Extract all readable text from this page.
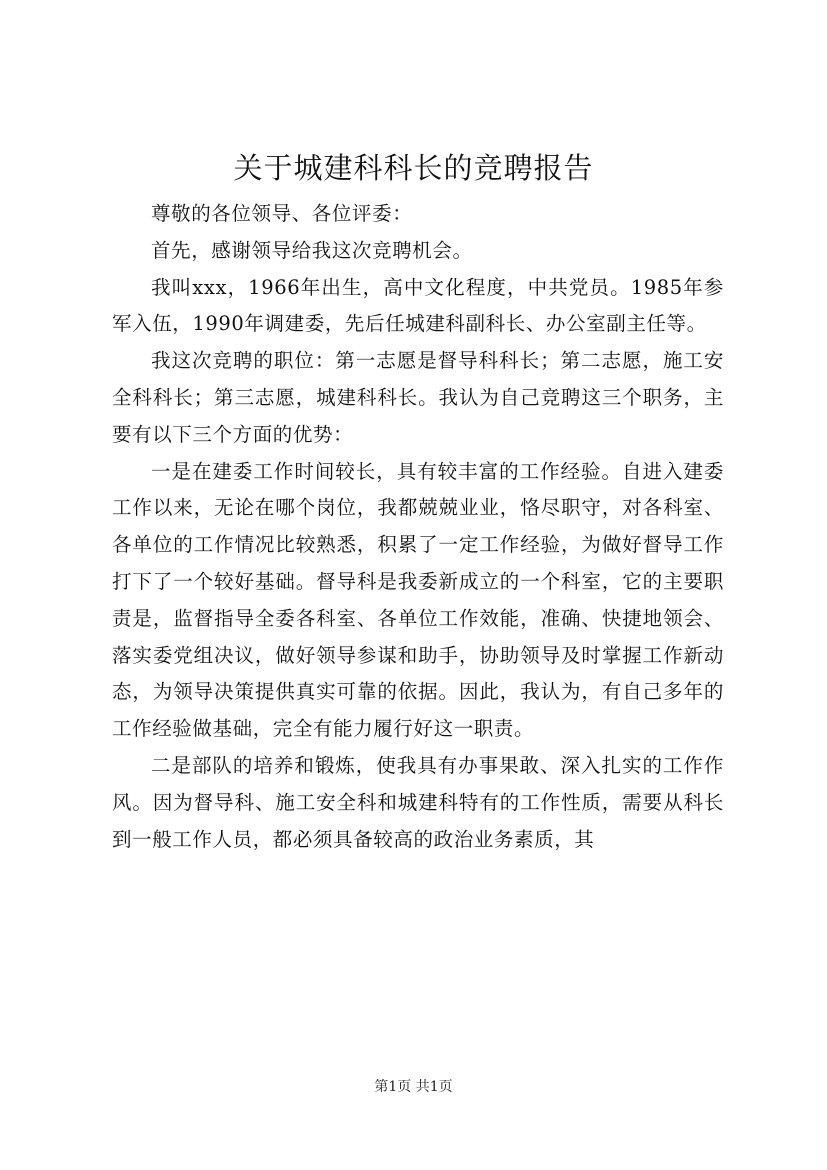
关于城建科科长的竞聘报告

尊敬的各位领导、各位评委：

首先，感谢领导给我这次竞聘机会。

我叫xxx，1966年出生，高中文化程度，中共党员。1985年参军入伍，1990年调建委，先后任城建科副科长、办公室副主任等。

我这次竞聘的职位：第一志愿是督导科科长；第二志愿，施工安全科科长；第三志愿，城建科科长。我认为自己竞聘这三个职务，主要有以下三个方面的优势：

一是在建委工作时间较长，具有较丰富的工作经验。自进入建委工作以来，无论在哪个岗位，我都兢兢业业，恪尽职守，对各科室、各单位的工作情况比较熟悉，积累了一定工作经验，为做好督导工作打下了一个较好基础。督导科是我委新成立的一个科室，它的主要职责是，监督指导全委各科室、各单位工作效能，准确、快捷地领会、落实委党组决议，做好领导参谋和助手，协助领导及时掌握工作新动态，为领导决策提供真实可靠的依据。因此，我认为，有自己多年的工作经验做基础，完全有能力履行好这一职责。

二是部队的培养和锻炼，使我具有办事果敢、深入扎实的工作作风。因为督导科、施工安全科和城建科特有的工作性质，需要从科长到一般工作人员，都必须具备较高的政治业务素质，其

第1页 共1页
